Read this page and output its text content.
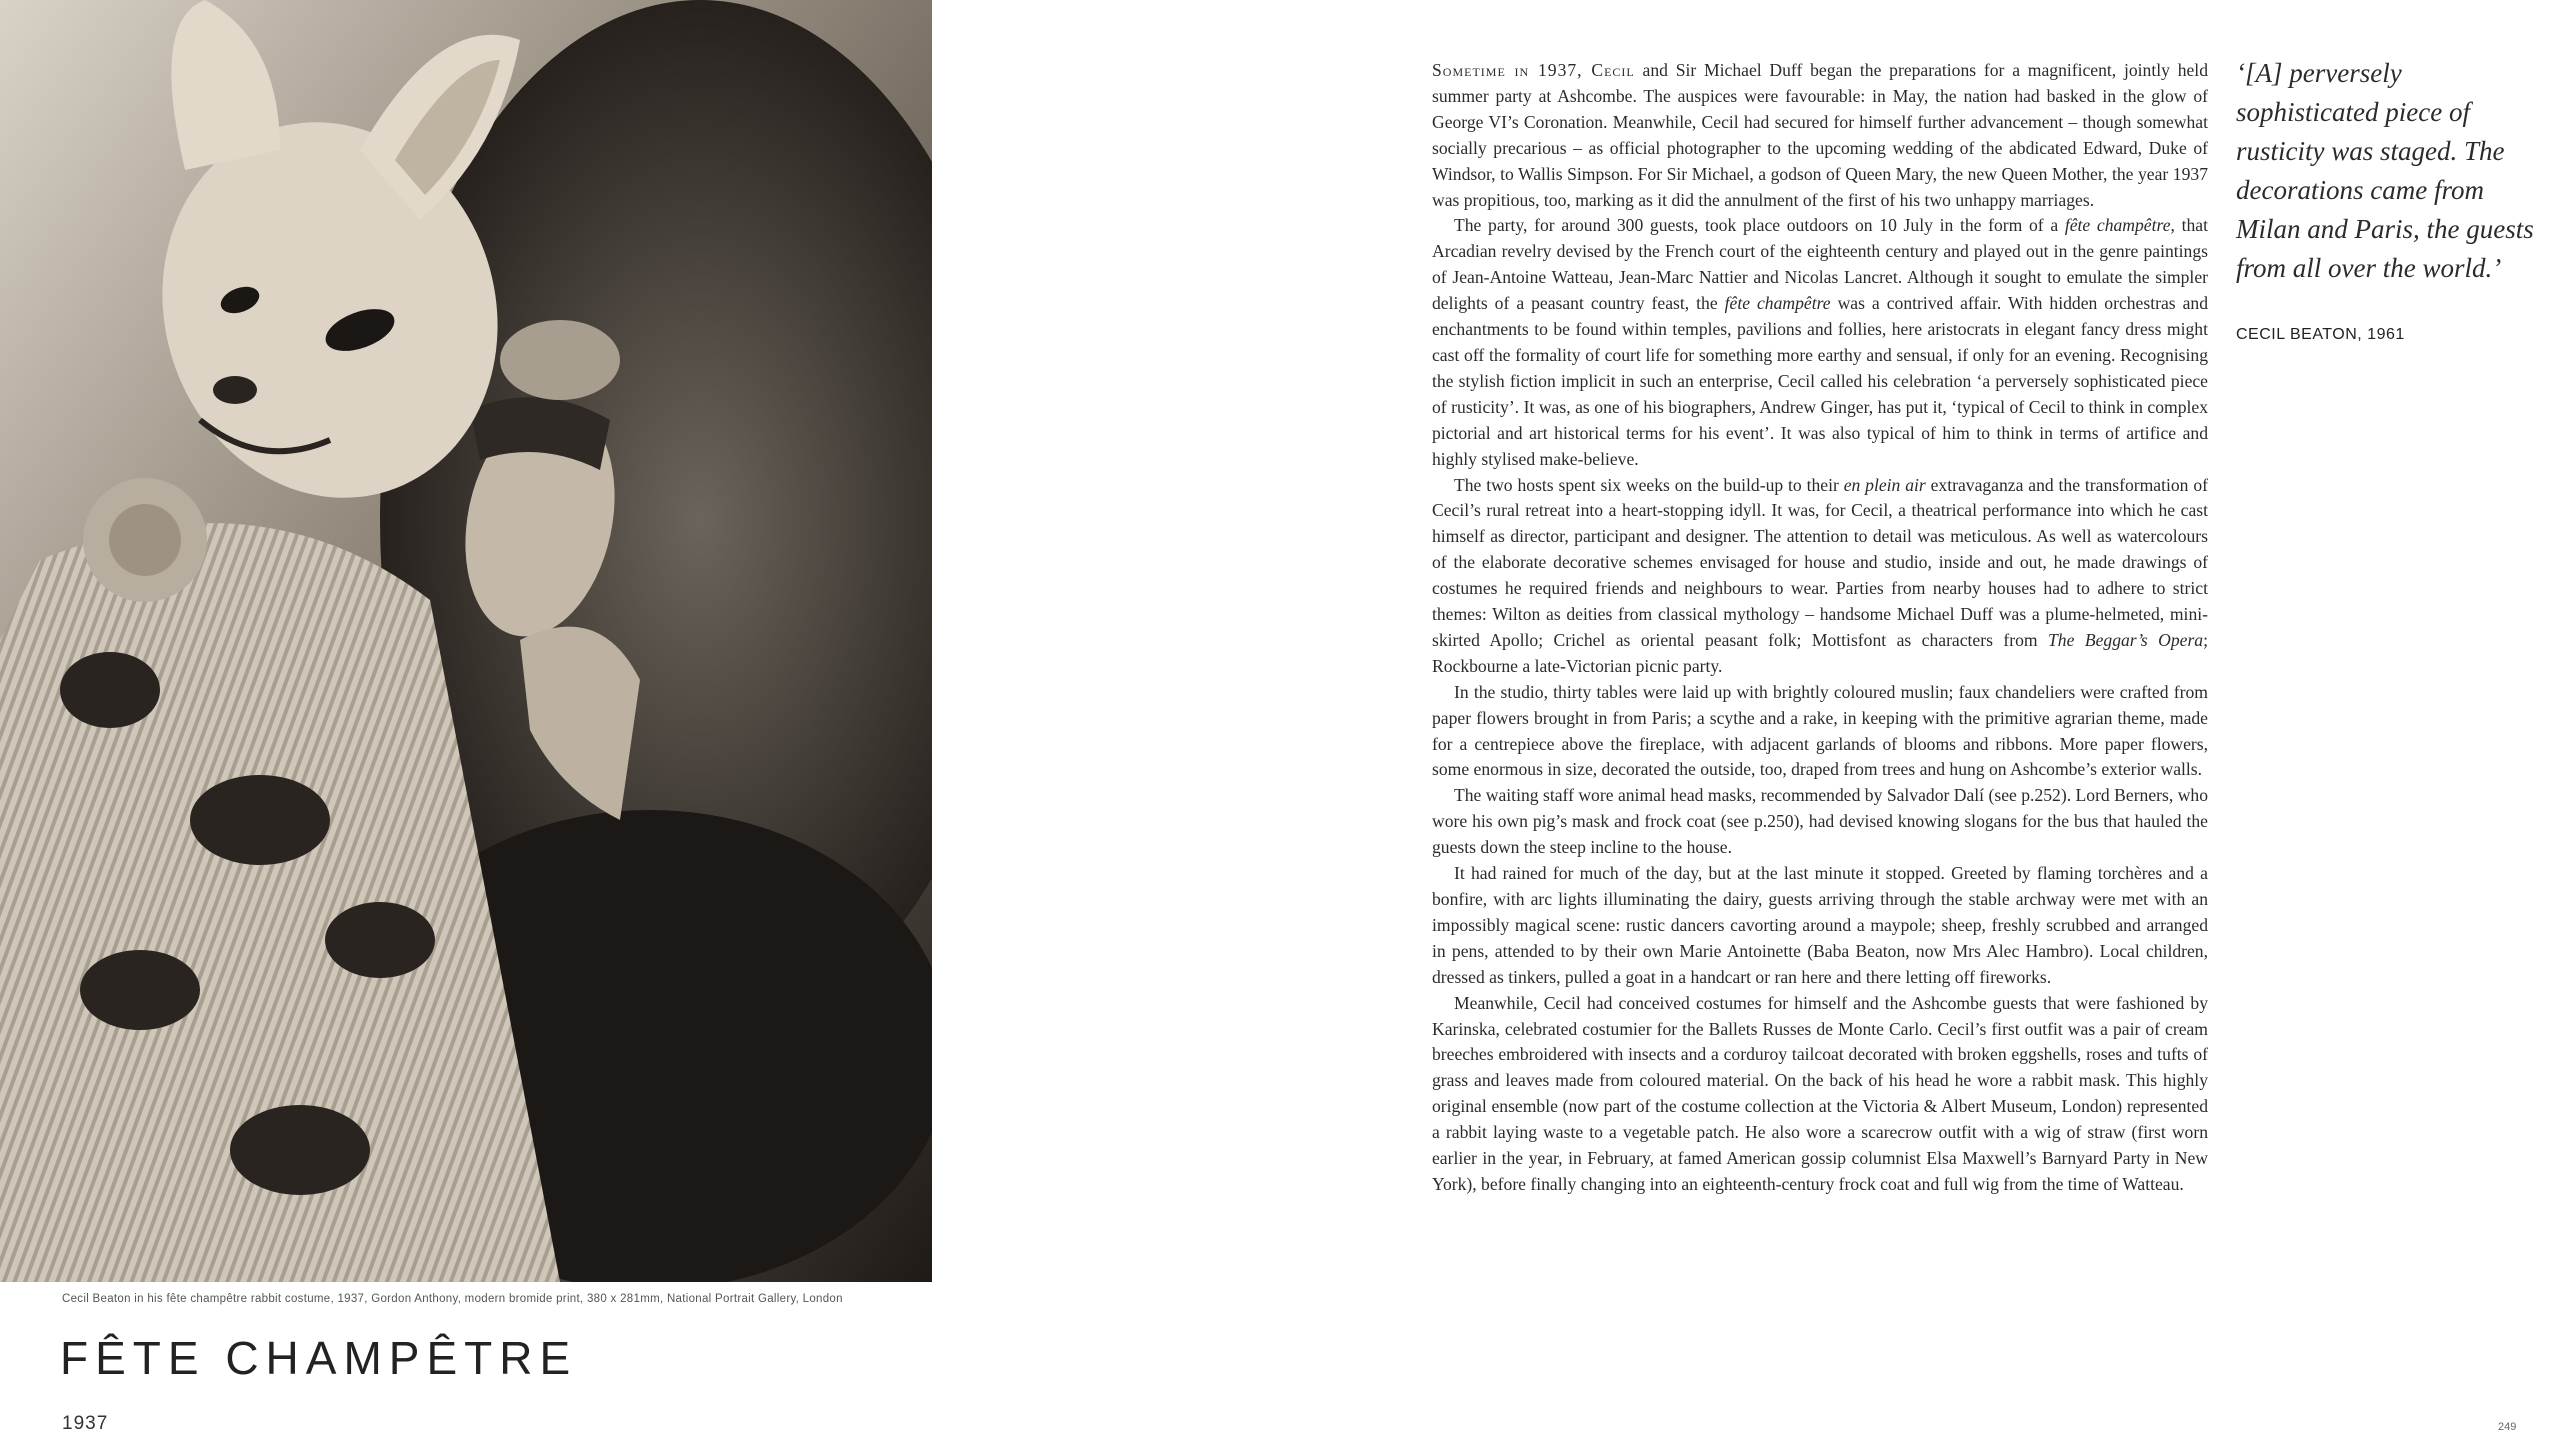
Cecil Beaton in his fête champêtre rabbit costume, 1937, Gordon Anthony, modern bromide print, 380 x 281mm, National Portrait Gallery, London
FÊTE CHAMPÊTRE
1937

Sometime in 1937, Cecil and Sir Michael Duff began the preparations for a magnificent, jointly held summer party at Ashcombe. The auspices were favourable: in May, the nation had basked in the glow of George VI’s Coronation. Meanwhile, Cecil had secured for himself further advancement – though somewhat socially precarious – as official photographer to the upcoming wedding of the abdicated Edward, Duke of Windsor, to Wallis Simpson. For Sir Michael, a godson of Queen Mary, the new Queen Mother, the year 1937 was propitious, too, marking as it did the annulment of the first of his two unhappy marriages.

The party, for around 300 guests, took place outdoors on 10 July in the form of a fête champêtre, that Arcadian revelry devised by the French court of the eighteenth century and played out in the genre paintings of Jean-Antoine Watteau, Jean-Marc Nattier and Nicolas Lancret. Although it sought to emulate the simpler delights of a peasant country feast, the fête champêtre was a contrived affair. With hidden orchestras and enchantments to be found within temples, pavilions and follies, here aristocrats in elegant fancy dress might cast off the formality of court life for something more earthy and sensual, if only for an evening. Recognising the stylish fiction implicit in such an enterprise, Cecil called his celebration ‘a perversely sophisticated piece of rusticity’. It was, as one of his biographers, Andrew Ginger, has put it, ‘typical of Cecil to think in complex pictorial and art historical terms for his event’. It was also typical of him to think in terms of artifice and highly stylised make-believe.

The two hosts spent six weeks on the build-up to their en plein air extravaganza and the transformation of Cecil’s rural retreat into a heart-stopping idyll. It was, for Cecil, a theatrical performance into which he cast himself as director, participant and designer. The attention to detail was meticulous. As well as watercolours of the elaborate decorative schemes envisaged for house and studio, inside and out, he made drawings of costumes he required friends and neighbours to wear. Parties from nearby houses had to adhere to strict themes: Wilton as deities from classical mythology – handsome Michael Duff was a plume-helmeted, mini-skirted Apollo; Crichel as oriental peasant folk; Mottisfont as characters from The Beggar’s Opera; Rockbourne a late-Victorian picnic party.

In the studio, thirty tables were laid up with brightly coloured muslin; faux chandeliers were crafted from paper flowers brought in from Paris; a scythe and a rake, in keeping with the primitive agrarian theme, made for a centrepiece above the fireplace, with adjacent garlands of blooms and ribbons. More paper flowers, some enormous in size, decorated the outside, too, draped from trees and hung on Ashcombe’s exterior walls.

The waiting staff wore animal head masks, recommended by Salvador Dalí (see p.252). Lord Berners, who wore his own pig’s mask and frock coat (see p.250), had devised knowing slogans for the bus that hauled the guests down the steep incline to the house.

It had rained for much of the day, but at the last minute it stopped. Greeted by flaming torchères and a bonfire, with arc lights illuminating the dairy, guests arriving through the stable archway were met with an impossibly magical scene: rustic dancers cavorting around a maypole; sheep, freshly scrubbed and arranged in pens, attended to by their own Marie Antoinette (Baba Beaton, now Mrs Alec Hambro). Local children, dressed as tinkers, pulled a goat in a handcart or ran here and there letting off fireworks.

Meanwhile, Cecil had conceived costumes for himself and the Ashcombe guests that were fashioned by Karinska, celebrated costumier for the Ballets Russes de Monte Carlo. Cecil’s first outfit was a pair of cream breeches embroidered with insects and a corduroy tailcoat decorated with broken eggshells, roses and tufts of grass and leaves made from coloured material. On the back of his head he wore a rabbit mask. This highly original ensemble (now part of the costume collection at the Victoria & Albert Museum, London) represented a rabbit laying waste to a vegetable patch. He also wore a scarecrow outfit with a wig of straw (first worn earlier in the year, in February, at famed American gossip columnist Elsa Maxwell’s Barnyard Party in New York), before finally changing into an eighteenth-century frock coat and full wig from the time of Watteau.

‘[A] perversely sophisticated piece of rusticity was staged. The decorations came from Milan and Paris, the guests from all over the world.’
CECIL BEATON, 1961
249
